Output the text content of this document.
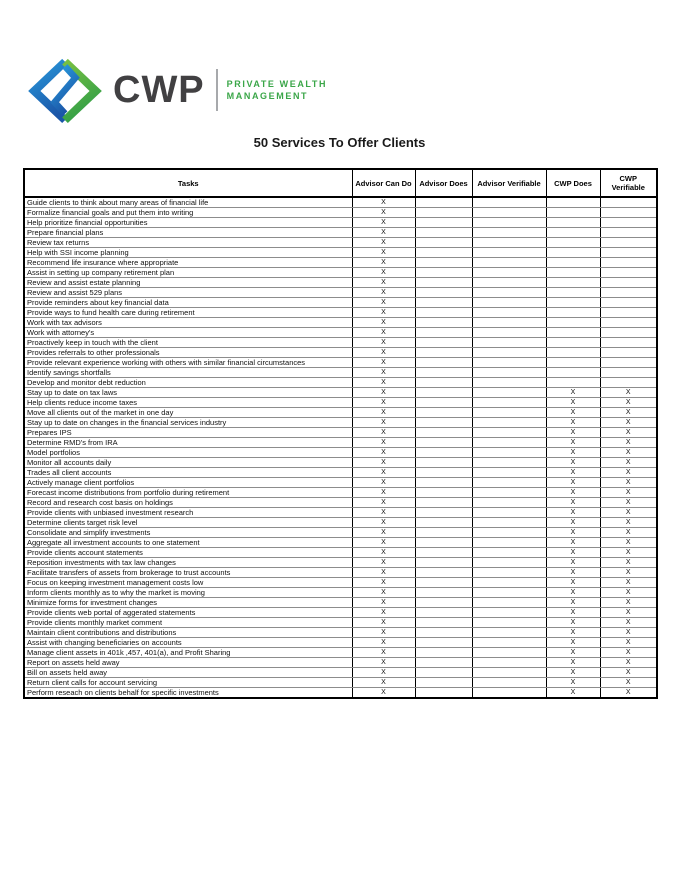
CWP PRIVATE WEALTH
MANAGEMENT
50 Services To Offer Clients
Tasks	Advisor Can Do	Advisor Does	Advisor Verifiable	CWP Does	CWP Verifiable
Guide clients to think about many areas of financial life	X				
Formalize financial goals and put them into writing	X				
Help prioritize financial opportunities	X				
Prepare financial plans	X				
Review tax returns	X				
Help with SSI income planning	X				
Recommend life insurance where appropriate	X				
Assist in setting up company retirement plan	X				
Review and assist estate planning	X				
Review and assist 529 plans	X				
Provide reminders about key financial data	X				
Provide ways to fund health care during retirement	X				
Work with tax advisors	X				
Work with attorney's	X				
Proactively keep in touch with the client	X				
Provides referrals to other professionals	X				
Provide relevant experience working with others with similar financial circumstances	X				
Identify savings shortfalls	X				
Develop and monitor debt reduction	X				
Stay up to date on tax laws	X			X	X
Help clients reduce income taxes	X			X	X
Move all clients out of the market in one day	X			X	X
Stay up to date on changes in the financial services industry	X			X	X
Prepares IPS	X			X	X
Determine RMD's from IRA	X			X	X
Model portfolios	X			X	X
Monitor all accounts daily	X			X	X
Trades all client accounts	X			X	X
Actively manage client portfolios	X			X	X
Forecast income distributions from portfolio during retirement	X			X	X
Record and research cost basis on holdings	X			X	X
Provide clients with unbiased investment research	X			X	X
Determine clients target risk level	X			X	X
Consolidate and simplify investments	X			X	X
Aggregate all investment accounts to one statement	X			X	X
Provide clients account statements	X			X	X
Reposition investments with tax law changes	X			X	X
Facilitate transfers of assets from brokerage to trust accounts	X			X	X
Focus on keeping investment management costs low	X			X	X
Inform clients monthly as to why the market is moving	X			X	X
Minimize forms for investment changes	X			X	X
Provide clients web portal of aggerated statements	X			X	X
Provide clients monthly market comment	X			X	X
Maintain client contributions and distributions	X			X	X
Assist with changing beneficiaries on accounts	X			X	X
Manage client assets in 401k ,457, 401(a), and Profit Sharing	X			X	X
Report on assets held away	X			X	X
Bill on assets held away	X			X	X
Return client calls for account servicing	X			X	X
Perform reseach on clients behalf for specific investments	X			X	X
